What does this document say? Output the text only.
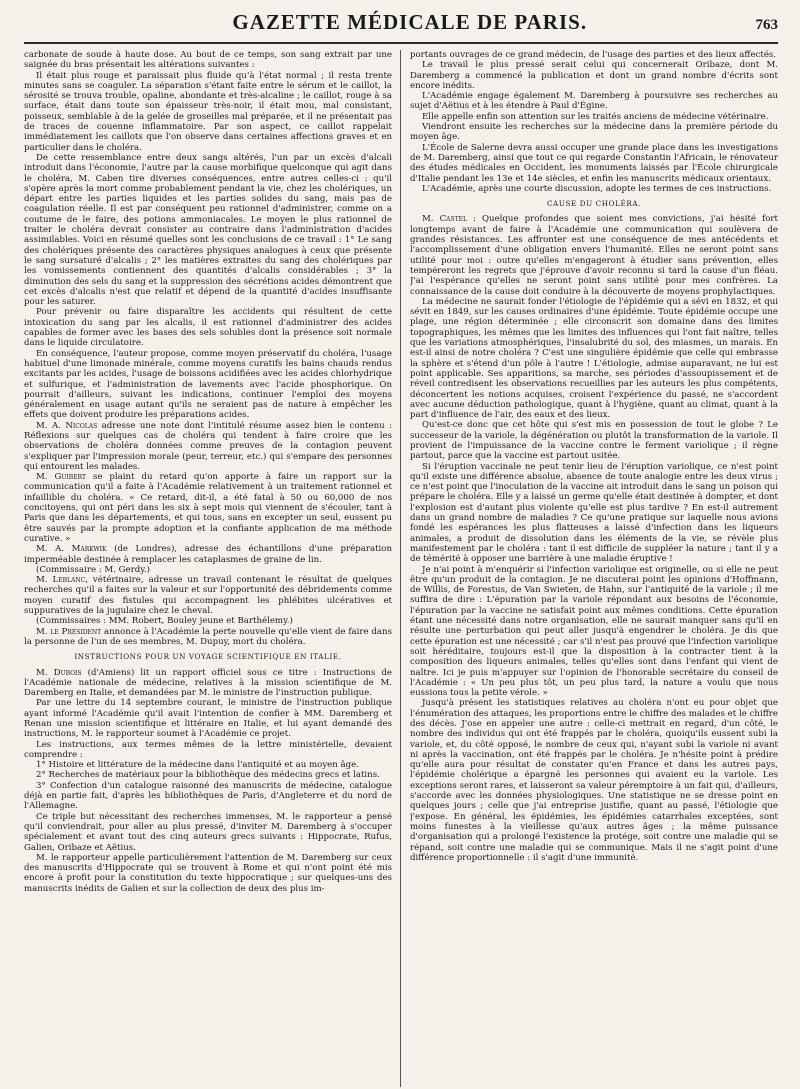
GAZETTE MÉDICALE DE PARIS.	763

carbonate de soude à haute dose. Au bout de ce temps, son sang extrait par une saignée du bras présentait les altérations suivantes :

Il était plus rouge et paraissait plus fluide qu'à l'état normal ; il resta trente minutes sans se coaguler. La séparation s'étant faite entre le sérum et le caillot, la sérosité se trouva trouble, opaline, abondante et très-alcaline ; le caillot, rouge à sa surface, était dans toute son épaisseur très-noir, il était mou, mal consistant, poisseux, semblable à de la gelée de groseilles mal préparée, et il ne présentait pas de traces de couenne inflammatoire. Par son aspect, ce caillot rappelait immédiatement les caillots que l'on observe dans certaines affections graves et en particulier dans le choléra.

De cette ressemblance entre deux sangs altérés, l'un par un excès d'alcali introduit dans l'économie, l'autre par la cause morbifique quelconque qui agit dans le choléra, M. Caben tire diverses conséquences, entre autres celles-ci : qu'il s'opère après la mort comme probablement pendant la vie, chez les cholériques, un départ entre les parties liquides et les parties solides du sang, mais pas de coagulation réelle. Il est par conséquent peu rationnel d'administrer, comme on a coutume de le faire, des potions ammoniacales. Le moyen le plus rationnel de traiter le choléra devrait consister au contraire dans l'administration d'acides assimilables. Voici en résumé quelles sont les conclusions de ce travail : 1° Le sang des cholériques présente des caractères physiques analogues à ceux que présente le sang sursaturé d'alcalis ; 2° les matières extraites du sang des cholériques par les vomissements contiennent des quantités d'alcalis considérables ; 3° la diminution des sels du sang et la suppression des sécrétions acides démontrent que cet excès d'alcalis n'est que relatif et dépend de la quantité d'acides insuffisante pour les saturer.

Pour prévenir ou faire disparaître les accidents qui résultent de cette intoxication du sang par les alcalis, il est rationnel d'administrer des acides capables de former avec les bases des sels solubles dont la présence soit normale dans le liquide circulatoire.

En conséquence, l'auteur propose, comme moyen préservatif du choléra, l'usage habituel d'une limonade minérale, comme moyens curatifs les bains chauds rendus excitants par les acides, l'usage de boissons acidifiées avec les acides chlorhydrique et sulfurique, et l'administration de lavements avec l'acide phosphorique. On pourrait d'ailleurs, suivant les indications, continuer l'emploi des moyens généralement en usage autant qu'ils ne seraient pas de nature à empêcher les effets que doivent produire les préparations acides.

M. A. Nicolas adresse une note dont l'intitulé résume assez bien le contenu : Réflexions sur quelques cas de choléra qui tendent à faire croire que les observations de choléra données comme preuves de la contagion peuvent s'expliquer par l'impression morale (peur, terreur, etc.) qui s'empare des personnes qui entourent les malades.

M. Guibert se plaint du retard qu'on apporte à faire un rapport sur la communication qu'il a faite à l'Académie relativement à un traitement rationnel et infaillible du choléra. « Ce retard, dit-il, a été fatal à 50 ou 60,000 de nos concitoyens, qui ont péri dans les six à sept mois qui viennent de s'écouler, tant à Paris que dans les départements, et qui tous, sans en excepter un seul, eussent pu être sauvés par la prompte adoption et la confiante application de ma méthode curative. »

M. A. Markwik (de Londres), adresse des échantillons d'une préparation imperméable destinée à remplacer les cataplasmes de graine de lin.

(Commissaire : M. Gerdy.)

M. Leblanc, vétérinaire, adresse un travail contenant le résultat de quelques recherches qu'il a faites sur la valeur et sur l'opportunité des débridements comme moyen curatif des fistules qui accompagnent les phlébites ulcératives et suppuratives de la jugulaire chez le cheval.

(Commissaires : MM. Robert, Bouley jeune et Barthélemy.)

M. le Président annonce à l'Académie la perte nouvelle qu'elle vient de faire dans la personne de l'un de ses membres, M. Dupuy, mort du choléra.

INSTRUCTIONS POUR UN VOYAGE SCIENTIFIQUE EN ITALIE.

M. Dubois (d'Amiens) lit un rapport officiel sous ce titre : Instructions de l'Académie nationale de médecine, relatives à la mission scientifique de M. Daremberg en Italie, et demandées par M. le ministre de l'instruction publique.

Par une lettre du 14 septembre courant, le ministre de l'instruction publique ayant informé l'Académie qu'il avait l'intention de confier à MM. Daremberg et Renan une mission scientifique et littéraire en Italie, et lui ayant demandé des instructions, M. le rapporteur soumet à l'Académie ce projet.

Les instructions, aux termes mêmes de la lettre ministérielle, devaient comprendre :

1° Histoire et littérature de la médecine dans l'antiquité et au moyen âge.

2° Recherches de matériaux pour la bibliothèque des médecins grecs et latins.

3° Confection d'un catalogue raisonné des manuscrits de médecine, catalogue déjà en partie fait, d'après les bibliothèques de Paris, d'Angleterre et du nord de l'Allemagne.

Ce triple but nécessitant des recherches immenses, M. le rapporteur a pensé qu'il conviendrait, pour aller au plus pressé, d'inviter M. Daremberg à s'occuper spécialement et avant tout des cinq auteurs grecs suivants : Hippocrate, Rufus, Galien, Oribaze et Aëtius.

M. le rapporteur appelle particulièrement l'attention de M. Daremberg sur ceux des manuscrits d'Hippocrate qui se trouvent à Rome et qui n'ont point été mis encore à profit pour la constitution du texte hippocratique ; sur quelques-uns des manuscrits inédits de Galien et sur la collection de deux des plus im-

portants ouvrages de ce grand médecin, de l'usage des parties et des lieux affectés.

Le travail le plus pressé serait celui qui concernerait Oribaze, dont M. Daremberg a commencé la publication et dont un grand nombre d'écrits sont encore inédits.

L'Académie engage également M. Daremberg à poursuivre ses recherches au sujet d'Aëtius et à les étendre à Paul d'Égine.

Elle appelle enfin son attention sur les traités anciens de médecine vétérinaire.

Viendront ensuite les recherches sur la médecine dans la première période du moyen âge.

L'École de Salerne devra aussi occuper une grande place dans les investigations de M. Daremberg, ainsi que tout ce qui regarde Constantin l'Africain, le rénovateur des études médicales en Occident, les monuments laissés par l'École chirurgicale d'Italie pendant les 13e et 14e siècles, et enfin les manuscrits médicaux orientaux.

L'Académie, après une courte discussion, adopte les termes de ces instructions.

CAUSE DU CHOLÉRA.

M. Castel : Quelque profondes que soient mes convictions, j'ai hésité fort longtemps avant de faire à l'Académie une communication qui soulèvera de grandes résistances. Les affronter est une conséquence de mes antécédents et l'accomplissement d'une obligation envers l'humanité. Elles ne seront point sans utilité pour moi : outre qu'elles m'engageront à étudier sans prévention, elles tempéreront les regrets que j'éprouve d'avoir reconnu si tard la cause d'un fléau. J'ai l'espérance qu'elles ne seront point sans utilité pour mes confrères. La connaissance de la cause doit conduire à la découverte de moyens prophylactiques.

La médecine ne saurait fonder l'étiologie de l'épidémie qui a sévi en 1832, et qui sévit en 1849, sur les causes ordinaires d'une épidémie. Toute épidémie occupe une plage, une région déterminée ; elle circonscrit son domaine dans des limites topographiques, les mêmes que les limites des influences qui l'ont fait naître, telles que les variations atmosphériques, l'insalubrité du sol, des miasmes, un marais. En est-il ainsi de notre choléra ? C'est une singulière épidémie que celle qui embrasse la sphère et s'étend d'un pôle à l'autre ! L'étiologie, admise auparavant, ne lui est point applicable. Ses apparitions, sa marche, ses périodes d'assoupissement et de réveil contredisent les observations recueillies par les auteurs les plus compétents, déconcertent les notions acquises, croisent l'expérience du passé, ne s'accordent avec aucune déduction pathologique, quant à l'hygiène, quant au climat, quant à la part d'influence de l'air, des eaux et des lieux.

Qu'est-ce donc que cet hôte qui s'est mis en possession de tout le globe ? Le successeur de la variole, la dégénération ou plutôt la transformation de la variole. Il provient de l'impuissance de la vaccine contre le ferment variolique ; il règne partout, parce que la vaccine est partout usitée.

Si l'éruption vaccinale ne peut tenir lieu de l'éruption variolique, ce n'est point qu'il existe une différence absolue, absence de toute analogie entre les deux virus ; ce n'est point que l'inoculation de la vaccine ait introduit dans le sang un poison qui prépare le choléra. Elle y a laissé un germe qu'elle était destinée à dompter, et dont l'explosion est d'autant plus violente qu'elle est plus tardive ? En est-il autrement dans un grand nombre de maladies ? Ce qu'une pratique sur laquelle nous avions fondé les espérances les plus flatteuses a laissé d'infection dans les liqueurs animales, a produit de dissolution dans les éléments de la vie, se révèle plus manifestement par le choléra : tant il est difficile de suppléer la nature ; tant il y a de témérité à opposer une barrière à une maladie éruptive !

Je n'ai point à m'enquérir si l'infection variolique est originelle, ou si elle ne peut être qu'un produit de la contagion. Je ne discuterai point les opinions d'Hoffmann, de Willis, de Forestus, de Van Swieten, de Hahn, sur l'antiquité de la variole ; il me suffira de dire : L'épuration par la variole répondant aux besoins de l'économie, l'épuration par la vaccine ne satisfait point aux mêmes conditions. Cette épuration étant une nécessité dans notre organisation, elle ne saurait manquer sans qu'il en résulte une perturbation qui peut aller jusqu'à engendrer le choléra. Je dis que cette épuration est une nécessité ; car s'il n'est pas prouvé que l'infection variolique soit héréditaire, toujours est-il que la disposition à la contracter tient à la composition des liqueurs animales, telles qu'elles sont dans l'enfant qui vient de naître. Ici je puis m'appuyer sur l'opinion de l'honorable secrétaire du conseil de l'Académie : « Un peu plus tôt, un peu plus tard, la nature a voulu que nous eussions tous la petite vérole. »

Jusqu'à présent les statistiques relatives au choléra n'ont eu pour objet que l'énumération des attaques, les proportions entre le chiffre des malades et le chiffre des décès. J'ose en appeler une autre : celle-ci mettrait en regard, d'un côté, le nombre des individus qui ont été frappés par le choléra, quoiqu'ils eussent subi la variole, et, du côté opposé, le nombre de ceux qui, n'ayant subi la variole ni avant ni après la vaccination, ont été frappés par le choléra. Je n'hésite point à prédire qu'elle aura pour résultat de constater qu'en France et dans les autres pays, l'épidémie cholérique a épargné les personnes qui avaient eu la variole. Les exceptions seront rares, et laisseront sa valeur péremptoire à un fait qui, d'ailleurs, s'accorde avec les données physiologiques. Une statistique ne se dresse point en quelques jours ; celle que j'ai entreprise justifie, quant au passé, l'étiologie que j'expose. En général, les épidémies, les épidémies catarrhales exceptées, sont moins funestes à la vieillesse qu'aux autres âges ; la même puissance d'organisation qui a prolongé l'existence la protége, soit contre une maladie qui se répand, soit contre une maladie qui se communique. Mais il ne s'agit point d'une différence proportionnelle : il s'agit d'une immunité.
